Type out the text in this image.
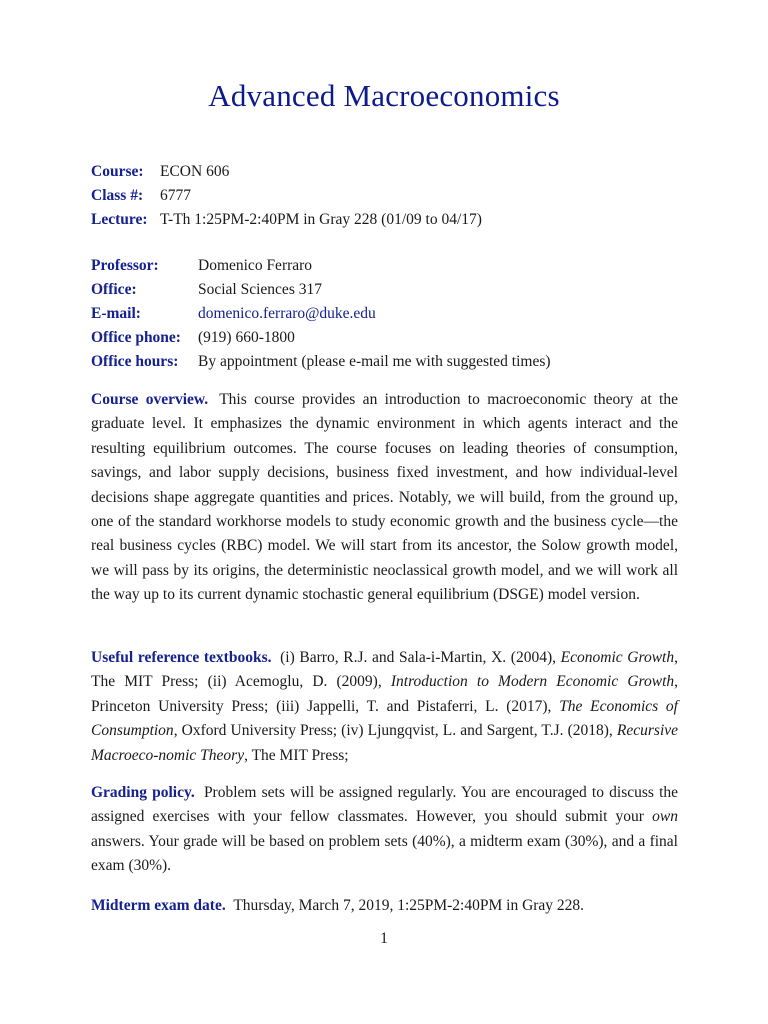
Advanced Macroeconomics
Course:	ECON 606
Class #:	6777
Lecture: T-Th 1:25PM-2:40PM in Gray 228 (01/09 to 04/17)
Professor:	Domenico Ferraro
Office:	Social Sciences 317
E-mail:	domenico.ferraro@duke.edu
Office phone:	(919) 660-1800
Office hours:	By appointment (please e-mail me with suggested times)

Course overview. This course provides an introduction to macroeconomic theory at the graduate level. It emphasizes the dynamic environment in which agents interact and the resulting equilibrium outcomes. The course focuses on leading theories of consumption, savings, and labor supply decisions, business fixed investment, and how individual-level decisions shape aggregate quantities and prices. Notably, we will build, from the ground up, one of the standard workhorse models to study economic growth and the business cycle—the real business cycles (RBC) model. We will start from its ancestor, the Solow growth model, we will pass by its origins, the deterministic neoclassical growth model, and we will work all the way up to its current dynamic stochastic general equilibrium (DSGE) model version.

Useful reference textbooks. (i) Barro, R.J. and Sala-i-Martin, X. (2004), Economic Growth, The MIT Press; (ii) Acemoglu, D. (2009), Introduction to Modern Economic Growth, Princeton University Press; (iii) Jappelli, T. and Pistaferri, L. (2017), The Economics of Consumption, Oxford University Press; (iv) Ljungqvist, L. and Sargent, T.J. (2018), Recursive Macroeco-nomic Theory, The MIT Press;

Grading policy. Problem sets will be assigned regularly. You are encouraged to discuss the assigned exercises with your fellow classmates. However, you should submit your own answers. Your grade will be based on problem sets (40%), a midterm exam (30%), and a final exam (30%).

Midterm exam date. Thursday, March 7, 2019, 1:25PM-2:40PM in Gray 228.

1
